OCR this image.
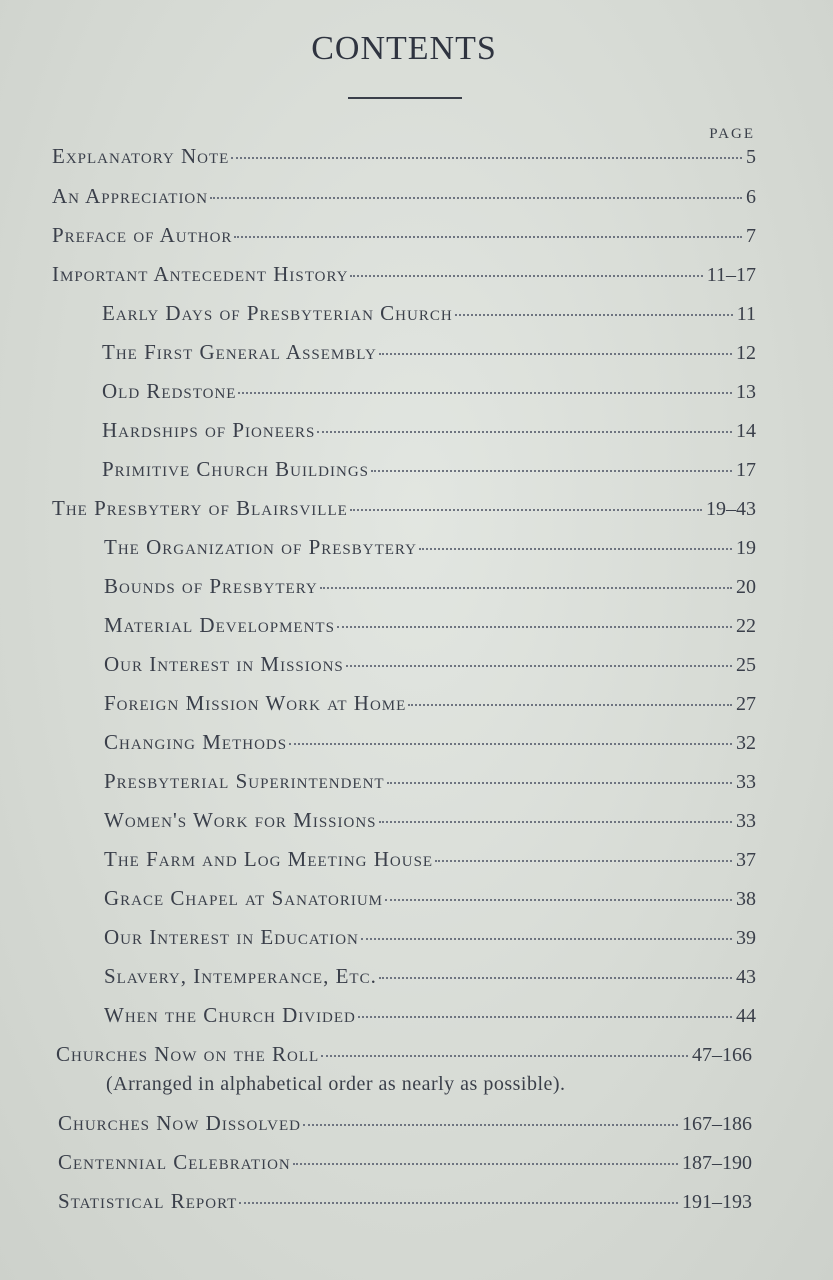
CONTENTS
PAGE
Explanatory Note	5
An Appreciation	6
Preface of Author	7
Important Antecedent History	11–17
Early Days of Presbyterian Church	11
The First General Assembly	12
Old Redstone	13
Hardships of Pioneers	14
Primitive Church Buildings	17
The Presbytery of Blairsville	19–43
The Organization of Presbytery	19
Bounds of Presbytery	20
Material Developments	22
Our Interest in Missions	25
Foreign Mission Work at Home	27
Changing Methods	32
Presbyterial Superintendent	33
Women's Work for Missions	33
The Farm and Log Meeting House	37
Grace Chapel at Sanatorium	38
Our Interest in Education	39
Slavery, Intemperance, Etc.	43
When the Church Divided	44
Churches Now on the Roll	47–166
(Arranged in alphabetical order as nearly as possible).
Churches Now Dissolved	167–186
Centennial Celebration	187–190
Statistical Report	191–193
